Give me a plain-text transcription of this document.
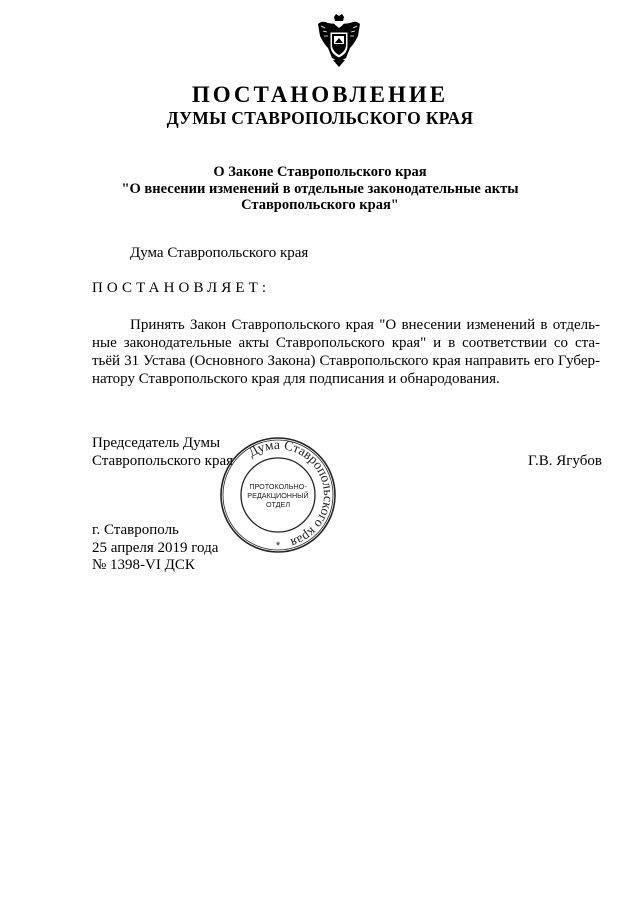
ПОСТАНОВЛЕНИЕ
ДУМЫ СТАВРОПОЛЬСКОГО КРАЯ
О Законе Ставропольского края
"О внесении изменений в отдельные законодательные акты
Ставропольского края"
Дума Ставропольского края
ПОСТАНОВЛЯЕТ:
Принять Закон Ставропольского края "О внесении изменений в отдель-
ные законодательные акты Ставропольского края" и в соответствии со ста-
тьёй 31 Устава (Основного Закона) Ставропольского края направить его Губер-
натору Ставропольского края для подписания и обнародования.
Председатель Думы
Ставропольского края	Г.В. Ягубов
г. Ставрополь
25 апреля 2019 года
№ 1398-VI ДСК
Дума Ставропольского края
ПРОТОКОЛЬНО-
РЕДАКЦИОННЫЙ
ОТДЕЛ
*
